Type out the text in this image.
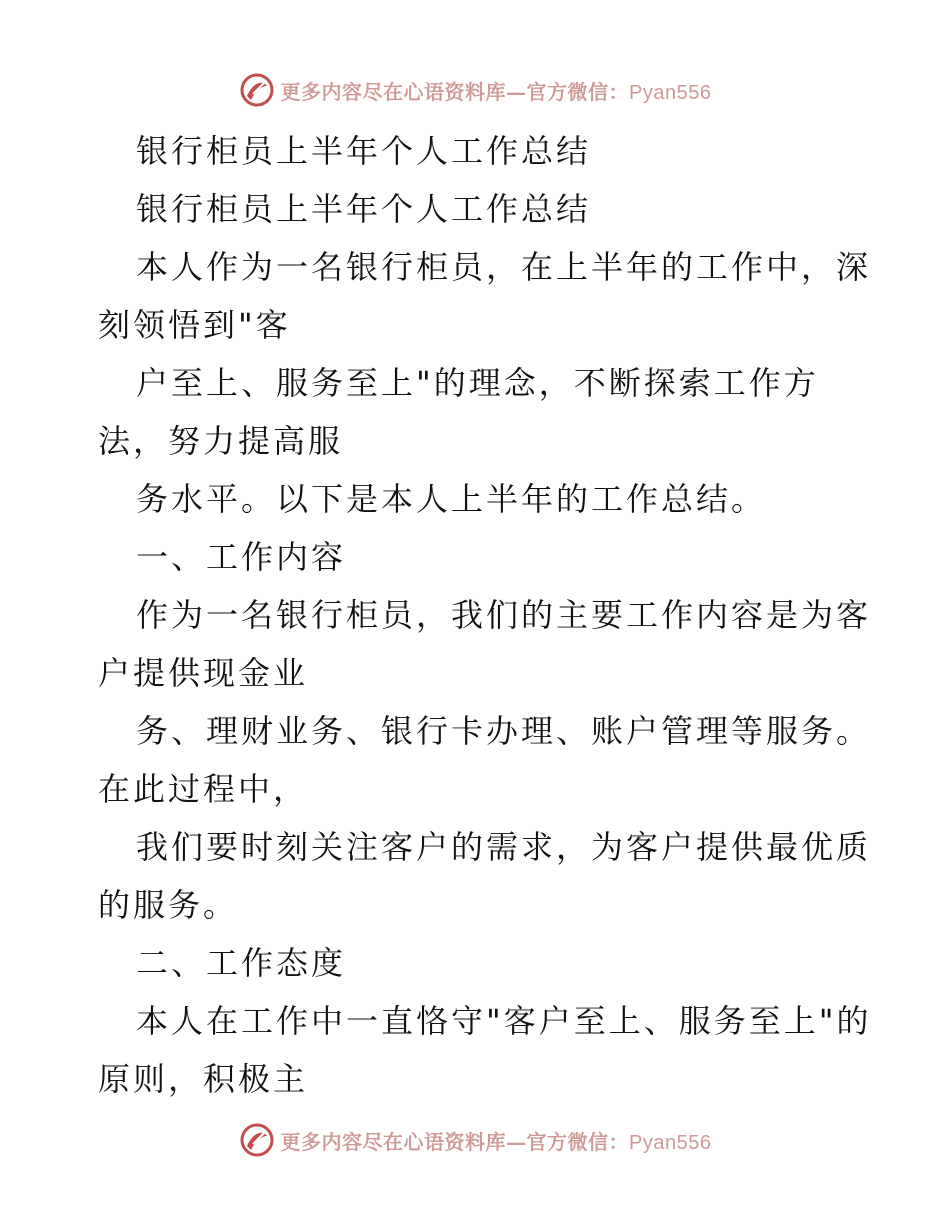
更多内容尽在心语资料库—官方微信：Pyan556
银行柜员上半年个人工作总结
银行柜员上半年个人工作总结
本人作为一名银行柜员，在上半年的工作中，深
刻领悟到"客
户至上、服务至上"的理念，不断探索工作方
法，努力提高服
务水平。以下是本人上半年的工作总结。
一、工作内容
作为一名银行柜员，我们的主要工作内容是为客
户提供现金业
务、理财业务、银行卡办理、账户管理等服务。
在此过程中，
我们要时刻关注客户的需求，为客户提供最优质
的服务。
二、工作态度
本人在工作中一直恪守"客户至上、服务至上"的
原则，积极主
更多内容尽在心语资料库—官方微信：Pyan556
